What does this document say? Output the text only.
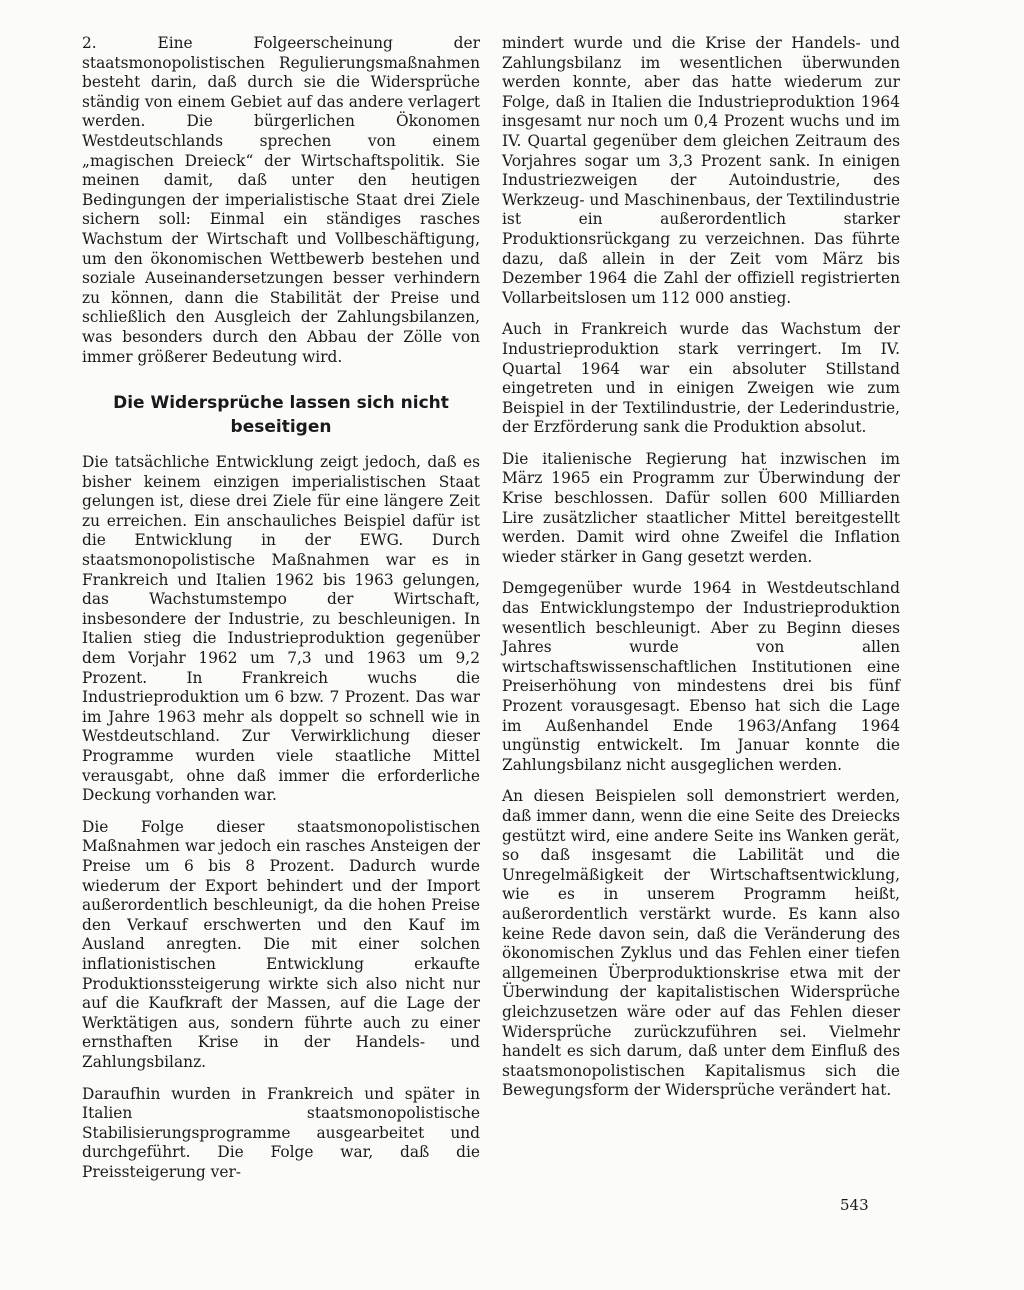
2. Eine Folgeerscheinung der staatsmonopolistischen Regulierungsmaßnahmen besteht darin, daß durch sie die Widersprüche ständig von einem Gebiet auf das andere verlagert werden. Die bürgerlichen Ökonomen Westdeutschlands sprechen von einem „magischen Dreieck“ der Wirtschaftspolitik. Sie meinen damit, daß unter den heutigen Bedingungen der imperialistische Staat drei Ziele sichern soll: Einmal ein ständiges rasches Wachstum der Wirtschaft und Vollbeschäftigung, um den ökonomischen Wettbewerb bestehen und soziale Auseinandersetzungen besser verhindern zu können, dann die Stabilität der Preise und schließlich den Ausgleich der Zahlungsbilanzen, was besonders durch den Abbau der Zölle von immer größerer Bedeutung wird.

Die Widersprüche lassen sich nicht beseitigen

Die tatsächliche Entwicklung zeigt jedoch, daß es bisher keinem einzigen imperialistischen Staat gelungen ist, diese drei Ziele für eine längere Zeit zu erreichen. Ein anschauliches Beispiel dafür ist die Entwicklung in der EWG. Durch staatsmonopolistische Maßnahmen war es in Frankreich und Italien 1962 bis 1963 gelungen, das Wachstumstempo der Wirtschaft, insbesondere der Industrie, zu beschleunigen. In Italien stieg die Industrieproduktion gegenüber dem Vorjahr 1962 um 7,3 und 1963 um 9,2 Prozent. In Frankreich wuchs die Industrieproduktion um 6 bzw. 7 Prozent. Das war im Jahre 1963 mehr als doppelt so schnell wie in Westdeutschland. Zur Verwirklichung dieser Programme wurden viele staatliche Mittel verausgabt, ohne daß immer die erforderliche Deckung vorhanden war.

Die Folge dieser staatsmonopolistischen Maßnahmen war jedoch ein rasches Ansteigen der Preise um 6 bis 8 Prozent. Dadurch wurde wiederum der Export behindert und der Import außerordentlich beschleunigt, da die hohen Preise den Verkauf erschwerten und den Kauf im Ausland anregten. Die mit einer solchen inflationistischen Entwicklung erkaufte Produktionssteigerung wirkte sich also nicht nur auf die Kaufkraft der Massen, auf die Lage der Werktätigen aus, sondern führte auch zu einer ernsthaften Krise in der Handels- und Zahlungsbilanz.

Daraufhin wurden in Frankreich und später in Italien staatsmonopolistische Stabilisierungsprogramme ausgearbeitet und durchgeführt. Die Folge war, daß die Preissteigerung ver-

mindert wurde und die Krise der Handels- und Zahlungsbilanz im wesentlichen überwunden werden konnte, aber das hatte wiederum zur Folge, daß in Italien die Industrieproduktion 1964 insgesamt nur noch um 0,4 Prozent wuchs und im IV. Quartal gegenüber dem gleichen Zeitraum des Vorjahres sogar um 3,3 Prozent sank. In einigen Industriezweigen der Autoindustrie, des Werkzeug- und Maschinenbaus, der Textilindustrie ist ein außerordentlich starker Produktionsrückgang zu verzeichnen. Das führte dazu, daß allein in der Zeit vom März bis Dezember 1964 die Zahl der offiziell registrierten Vollarbeitslosen um 112 000 anstieg.

Auch in Frankreich wurde das Wachstum der Industrieproduktion stark verringert. Im IV. Quartal 1964 war ein absoluter Stillstand eingetreten und in einigen Zweigen wie zum Beispiel in der Textilindustrie, der Lederindustrie, der Erzförderung sank die Produktion absolut.

Die italienische Regierung hat inzwischen im März 1965 ein Programm zur Überwindung der Krise beschlossen. Dafür sollen 600 Milliarden Lire zusätzlicher staatlicher Mittel bereitgestellt werden. Damit wird ohne Zweifel die Inflation wieder stärker in Gang gesetzt werden.

Demgegenüber wurde 1964 in Westdeutschland das Entwicklungstempo der Industrieproduktion wesentlich beschleunigt. Aber zu Beginn dieses Jahres wurde von allen wirtschaftswissenschaftlichen Institutionen eine Preiserhöhung von mindestens drei bis fünf Prozent vorausgesagt. Ebenso hat sich die Lage im Außenhandel Ende 1963/Anfang 1964 ungünstig entwickelt. Im Januar konnte die Zahlungsbilanz nicht ausgeglichen werden.

An diesen Beispielen soll demonstriert werden, daß immer dann, wenn die eine Seite des Dreiecks gestützt wird, eine andere Seite ins Wanken gerät, so daß insgesamt die Labilität und die Unregelmäßigkeit der Wirtschaftsentwicklung, wie es in unserem Programm heißt, außerordentlich verstärkt wurde. Es kann also keine Rede davon sein, daß die Veränderung des ökonomischen Zyklus und das Fehlen einer tiefen allgemeinen Überproduktionskrise etwa mit der Überwindung der kapitalistischen Widersprüche gleichzusetzen wäre oder auf das Fehlen dieser Widersprüche zurückzuführen sei. Vielmehr handelt es sich darum, daß unter dem Einfluß des staatsmonopolistischen Kapitalismus sich die Bewegungsform der Widersprüche verändert hat.

543
